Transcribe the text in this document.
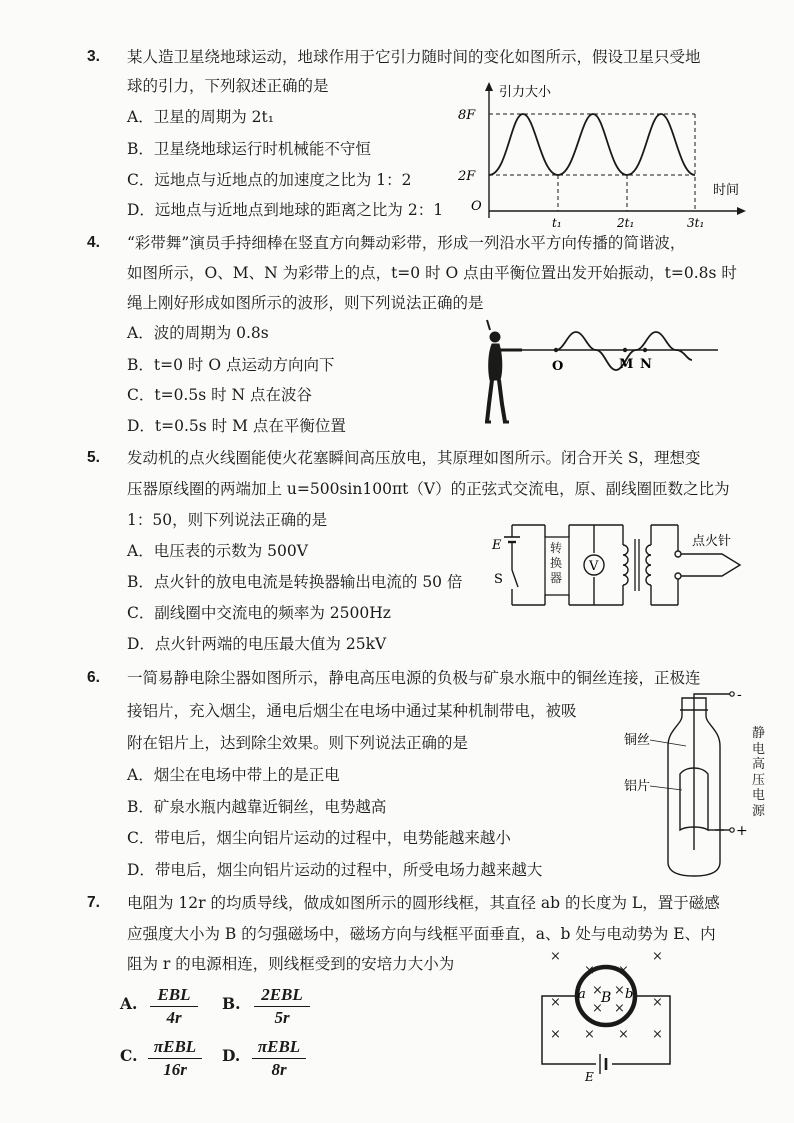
3. 某人造卫星绕地球运动，地球作用于它引力随时间的变化如图所示，假设卫星只受地
球的引力，下列叙述正确的是
A．卫星的周期为 2t₁
B．卫星绕地球运行时机械能不守恒
C．远地点与近地点的加速度之比为 1：2
D．远地点与近地点到地球的距离之比为 2：1
引力大小
时间
8F
2F
O
t₁	2t₁	3t₁
4. “彩带舞”演员手持细棒在竖直方向舞动彩带，形成一列沿水平方向传播的简谐波，
如图所示，O、M、N 为彩带上的点，t=0 时 O 点由平衡位置出发开始振动，t=0.8s 时
绳上刚好形成如图所示的波形，则下列说法正确的是
A．波的周期为 0.8s
B．t=0 时 O 点运动方向向下
C．t=0.5s 时 N 点在波谷
D．t=0.5s 时 M 点在平衡位置
O	M N
5. 发动机的点火线圈能使火花塞瞬间高压放电，其原理如图所示。闭合开关 S，理想变
压器原线圈的两端加上 u=500sin100πt（V）的正弦式交流电，原、副线圈匝数之比为
1：50，则下列说法正确的是
A．电压表的示数为 500V
B．点火针的放电电流是转换器输出电流的 50 倍
C．副线圈中交流电的频率为 2500Hz
D．点火针两端的电压最大值为 25kV
E
S
点火针
V
转换器
6. 一简易静电除尘器如图所示，静电高压电源的负极与矿泉水瓶中的铜丝连接，正极连
接铝片，充入烟尘，通电后烟尘在电场中通过某种机制带电，被吸
附在铝片上，达到除尘效果。则下列说法正确的是
A．烟尘在电场中带上的是正电
B．矿泉水瓶内越靠近铜丝，电势越高
C．带电后，烟尘向铝片运动的过程中，电势能越来越小
D．带电后，烟尘向铝片运动的过程中，所受电场力越来越大
-
+
铜丝
铝片
静电高压电源
7. 电阻为 12r 的均质导线，做成如图所示的圆形线框，其直径 ab 的长度为 L，置于磁感
应强度大小为 B 的匀强磁场中，磁场方向与线框平面垂直，a、b 处与电动势为 E、内
阻为 r 的电源相连，则线框受到的安培力大小为
A.	EBL
4r
B.	2EBL
5r
C. πEBL
16r
D.	πEBL
8r
×	×
×	×
× × × ×
× ×
× ×
× ×
a	b
B
E
